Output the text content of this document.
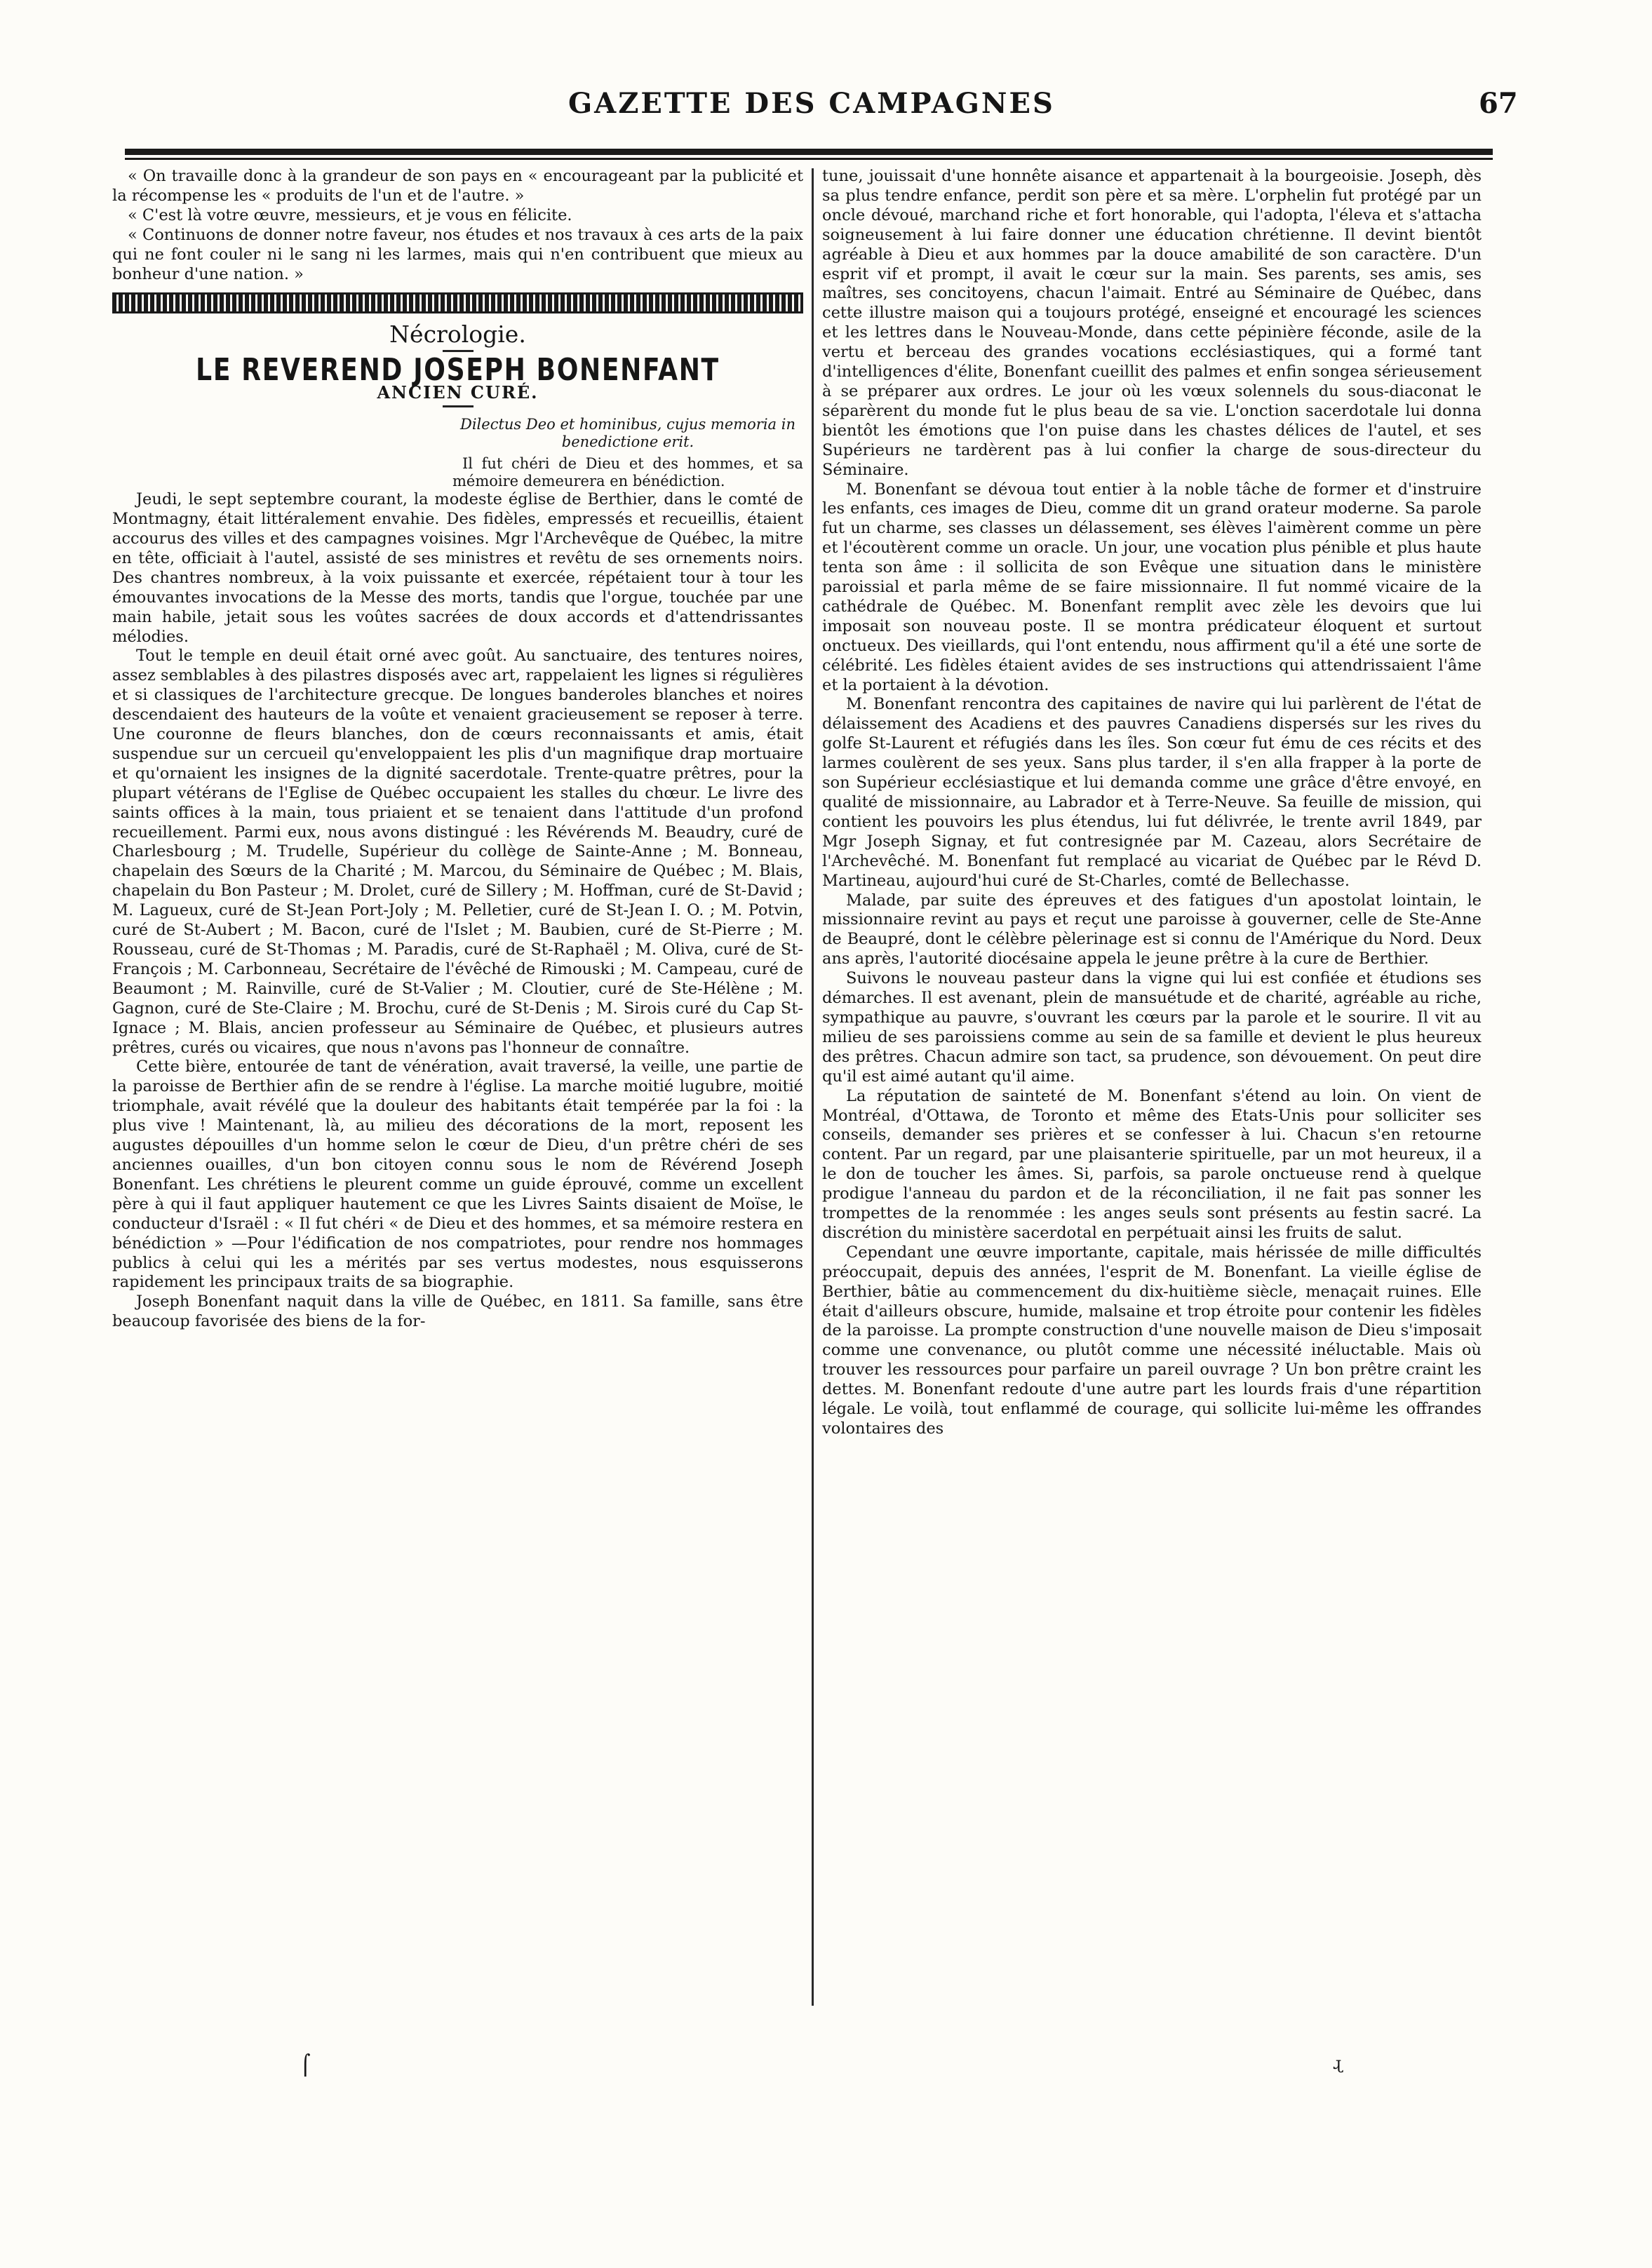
GAZETTE DES CAMPAGNES	67

« On travaille donc à la grandeur de son pays en « encourageant par la publicité et la récompense les « produits de l'un et de l'autre. »

« C'est là votre œuvre, messieurs, et je vous en félicite.

« Continuons de donner notre faveur, nos études et nos travaux à ces arts de la paix qui ne font couler ni le sang ni les larmes, mais qui n'en contribuent que mieux au bonheur d'une nation. »

Nécrologie.
LE REVEREND JOSEPH BONENFANT
ANCIEN CURÉ.
Dilectus Deo et hominibus, cujus memoria in benedictione erit.
Il fut chéri de Dieu et des hommes, et sa mémoire demeurera en bénédiction.

Jeudi, le sept septembre courant, la modeste église de Berthier, dans le comté de Montmagny, était littéralement envahie. Des fidèles, empressés et recueillis, étaient accourus des villes et des campagnes voisines. Mgr l'Archevêque de Québec, la mitre en tête, officiait à l'autel, assisté de ses ministres et revêtu de ses ornements noirs. Des chantres nombreux, à la voix puissante et exercée, répétaient tour à tour les émouvantes invocations de la Messe des morts, tandis que l'orgue, touchée par une main habile, jetait sous les voûtes sacrées de doux accords et d'attendrissantes mélodies.

Tout le temple en deuil était orné avec goût. Au sanctuaire, des tentures noires, assez semblables à des pilastres disposés avec art, rappelaient les lignes si régulières et si classiques de l'architecture grecque. De longues banderoles blanches et noires descendaient des hauteurs de la voûte et venaient gracieusement se reposer à terre. Une couronne de fleurs blanches, don de cœurs reconnaissants et amis, était suspendue sur un cercueil qu'enveloppaient les plis d'un magnifique drap mortuaire et qu'ornaient les insignes de la dignité sacerdotale. Trente-quatre prêtres, pour la plupart vétérans de l'Eglise de Québec occupaient les stalles du chœur. Le livre des saints offices à la main, tous priaient et se tenaient dans l'attitude d'un profond recueillement. Parmi eux, nous avons distingué : les Révérends M. Beaudry, curé de Charlesbourg ; M. Trudelle, Supérieur du collège de Sainte-Anne ; M. Bonneau, chapelain des Sœurs de la Charité ; M. Marcou, du Séminaire de Québec ; M. Blais, chapelain du Bon Pasteur ; M. Drolet, curé de Sillery ; M. Hoffman, curé de St-David ; M. Lagueux, curé de St-Jean Port-Joly ; M. Pelletier, curé de St-Jean I. O. ; M. Potvin, curé de St-Aubert ; M. Bacon, curé de l'Islet ; M. Baubien, curé de St-Pierre ; M. Rousseau, curé de St-Thomas ; M. Paradis, curé de St-Raphaël ; M. Oliva, curé de St-François ; M. Carbonneau, Secrétaire de l'évêché de Rimouski ; M. Campeau, curé de Beaumont ; M. Rainville, curé de St-Valier ; M. Cloutier, curé de Ste-Hélène ; M. Gagnon, curé de Ste-Claire ; M. Brochu, curé de St-Denis ; M. Sirois curé du Cap St-Ignace ; M. Blais, ancien professeur au Séminaire de Québec, et plusieurs autres prêtres, curés ou vicaires, que nous n'avons pas l'honneur de connaître.

Cette bière, entourée de tant de vénération, avait traversé, la veille, une partie de la paroisse de Berthier afin de se rendre à l'église. La marche moitié lugubre, moitié triomphale, avait révélé que la douleur des habitants était tempérée par la foi : la plus vive ! Maintenant, là, au milieu des décorations de la mort, reposent les augustes dépouilles d'un homme selon le cœur de Dieu, d'un prêtre chéri de ses anciennes ouailles, d'un bon citoyen connu sous le nom de Révérend Joseph Bonenfant. Les chrétiens le pleurent comme un guide éprouvé, comme un excellent père à qui il faut appliquer hautement ce que les Livres Saints disaient de Moïse, le conducteur d'Israël : « Il fut chéri « de Dieu et des hommes, et sa mémoire restera en bénédiction » —Pour l'édification de nos compatriotes, pour rendre nos hommages publics à celui qui les a mérités par ses vertus modestes, nous esquisserons rapidement les principaux traits de sa biographie.

Joseph Bonenfant naquit dans la ville de Québec, en 1811. Sa famille, sans être beaucoup favorisée des biens de la for-

tune, jouissait d'une honnête aisance et appartenait à la bourgeoisie. Joseph, dès sa plus tendre enfance, perdit son père et sa mère. L'orphelin fut protégé par un oncle dévoué, marchand riche et fort honorable, qui l'adopta, l'éleva et s'attacha soigneusement à lui faire donner une éducation chrétienne. Il devint bientôt agréable à Dieu et aux hommes par la douce amabilité de son caractère. D'un esprit vif et prompt, il avait le cœur sur la main. Ses parents, ses amis, ses maîtres, ses concitoyens, chacun l'aimait. Entré au Séminaire de Québec, dans cette illustre maison qui a toujours protégé, enseigné et encouragé les sciences et les lettres dans le Nouveau-Monde, dans cette pépinière féconde, asile de la vertu et berceau des grandes vocations ecclésiastiques, qui a formé tant d'intelligences d'élite, Bonenfant cueillit des palmes et enfin songea sérieusement à se préparer aux ordres. Le jour où les vœux solennels du sous-diaconat le séparèrent du monde fut le plus beau de sa vie. L'onction sacerdotale lui donna bientôt les émotions que l'on puise dans les chastes délices de l'autel, et ses Supérieurs ne tardèrent pas à lui confier la charge de sous-directeur du Séminaire.

M. Bonenfant se dévoua tout entier à la noble tâche de former et d'instruire les enfants, ces images de Dieu, comme dit un grand orateur moderne. Sa parole fut un charme, ses classes un délassement, ses élèves l'aimèrent comme un père et l'écoutèrent comme un oracle. Un jour, une vocation plus pénible et plus haute tenta son âme : il sollicita de son Evêque une situation dans le ministère paroissial et parla même de se faire missionnaire. Il fut nommé vicaire de la cathédrale de Québec. M. Bonenfant remplit avec zèle les devoirs que lui imposait son nouveau poste. Il se montra prédicateur éloquent et surtout onctueux. Des vieillards, qui l'ont entendu, nous affirment qu'il a été une sorte de célébrité. Les fidèles étaient avides de ses instructions qui attendrissaient l'âme et la portaient à la dévotion.

M. Bonenfant rencontra des capitaines de navire qui lui parlèrent de l'état de délaissement des Acadiens et des pauvres Canadiens dispersés sur les rives du golfe St-Laurent et réfugiés dans les îles. Son cœur fut ému de ces récits et des larmes coulèrent de ses yeux. Sans plus tarder, il s'en alla frapper à la porte de son Supérieur ecclésiastique et lui demanda comme une grâce d'être envoyé, en qualité de missionnaire, au Labrador et à Terre-Neuve. Sa feuille de mission, qui contient les pouvoirs les plus étendus, lui fut délivrée, le trente avril 1849, par Mgr Joseph Signay, et fut contresignée par M. Cazeau, alors Secrétaire de l'Archevêché. M. Bonenfant fut remplacé au vicariat de Québec par le Révd D. Martineau, aujourd'hui curé de St-Charles, comté de Bellechasse.

Malade, par suite des épreuves et des fatigues d'un apostolat lointain, le missionnaire revint au pays et reçut une paroisse à gouverner, celle de Ste-Anne de Beaupré, dont le célèbre pèlerinage est si connu de l'Amérique du Nord. Deux ans après, l'autorité diocésaine appela le jeune prêtre à la cure de Berthier.

Suivons le nouveau pasteur dans la vigne qui lui est confiée et étudions ses démarches. Il est avenant, plein de mansuétude et de charité, agréable au riche, sympathique au pauvre, s'ouvrant les cœurs par la parole et le sourire. Il vit au milieu de ses paroissiens comme au sein de sa famille et devient le plus heureux des prêtres. Chacun admire son tact, sa prudence, son dévouement. On peut dire qu'il est aimé autant qu'il aime.

La réputation de sainteté de M. Bonenfant s'étend au loin. On vient de Montréal, d'Ottawa, de Toronto et même des Etats-Unis pour solliciter ses conseils, demander ses prières et se confesser à lui. Chacun s'en retourne content. Par un regard, par une plaisanterie spirituelle, par un mot heureux, il a le don de toucher les âmes. Si, parfois, sa parole onctueuse rend à quelque prodigue l'anneau du pardon et de la réconciliation, il ne fait pas sonner les trompettes de la renommée : les anges seuls sont présents au festin sacré. La discrétion du ministère sacerdotal en perpétuait ainsi les fruits de salut.

Cependant une œuvre importante, capitale, mais hérissée de mille difficultés préoccupait, depuis des années, l'esprit de M. Bonenfant. La vieille église de Berthier, bâtie au commencement du dix-huitième siècle, menaçait ruines. Elle était d'ailleurs obscure, humide, malsaine et trop étroite pour contenir les fidèles de la paroisse. La prompte construction d'une nouvelle maison de Dieu s'imposait comme une convenance, ou plutôt comme une nécessité inéluctable. Mais où trouver les ressources pour parfaire un pareil ouvrage ? Un bon prêtre craint les dettes. M. Bonenfant redoute d'une autre part les lourds frais d'une répartition légale. Le voilà, tout enflammé de courage, qui sollicite lui-même les offrandes volontaires des

⌠	ɻ
